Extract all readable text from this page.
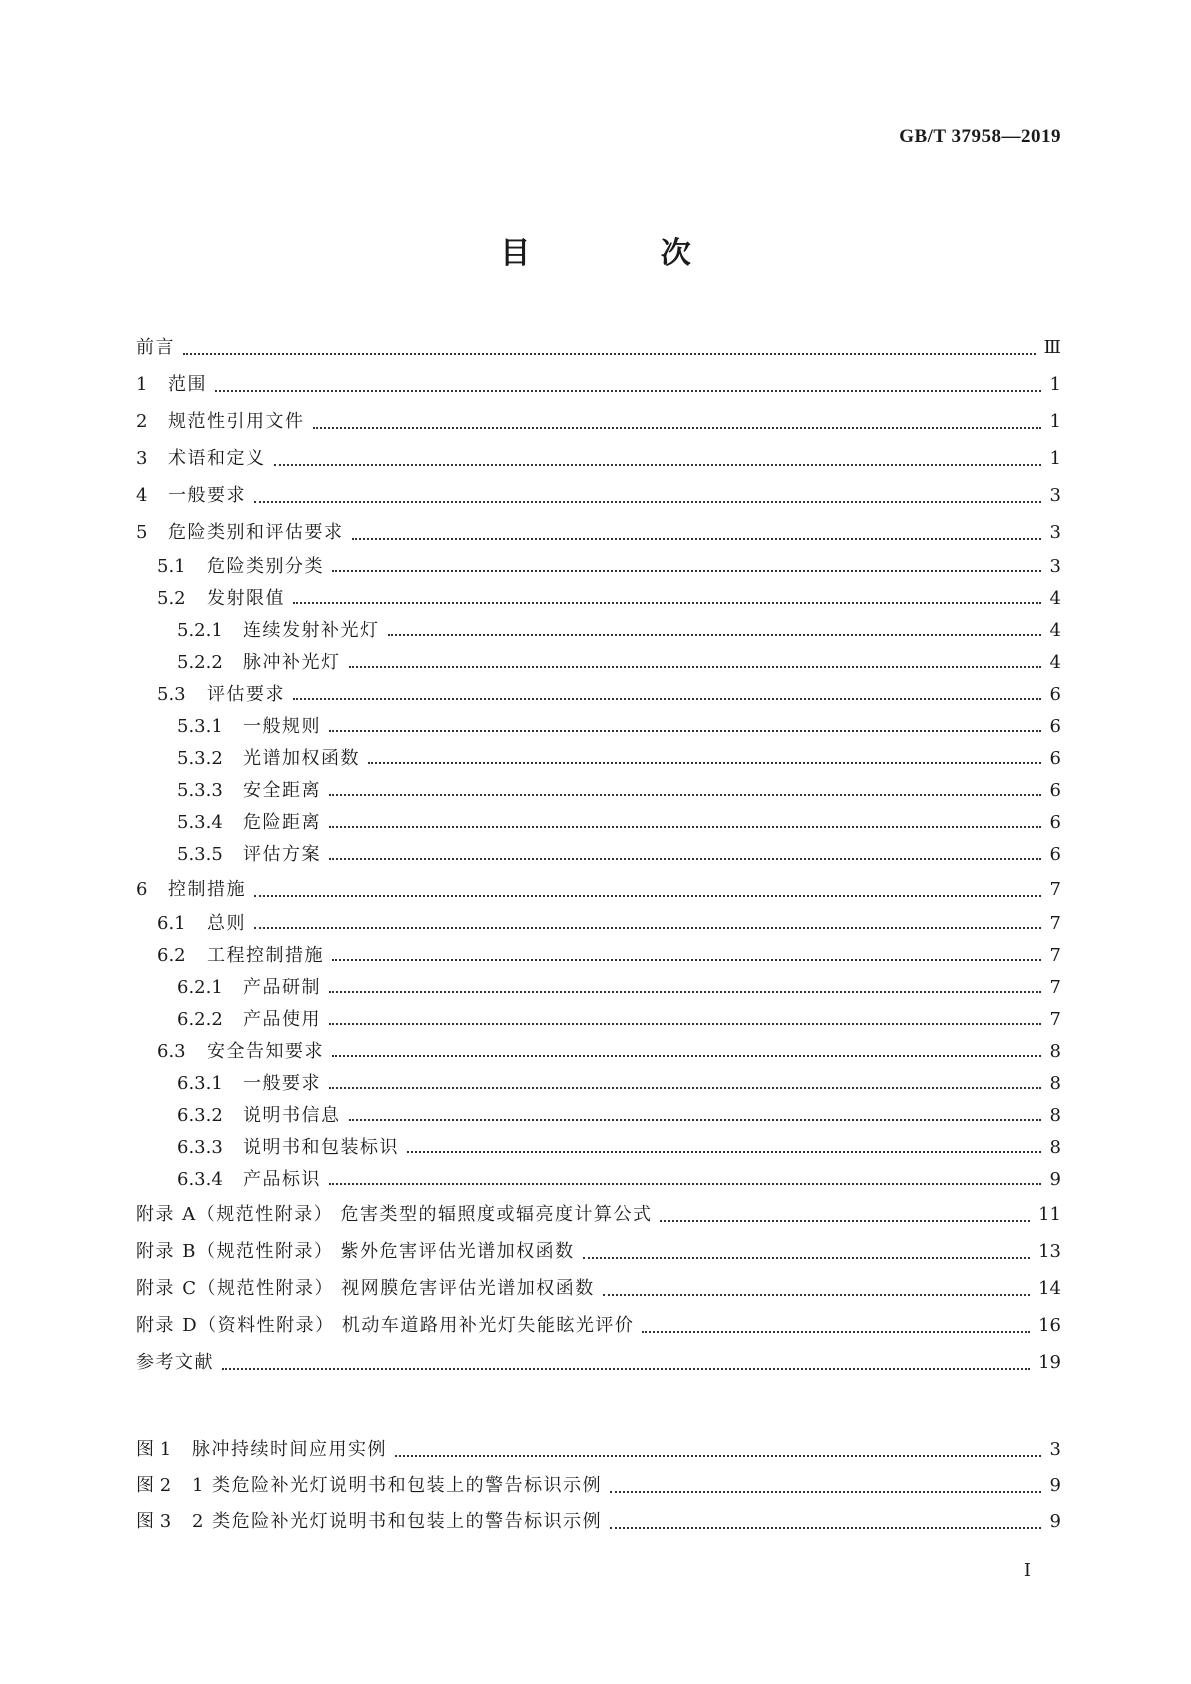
GB/T 37958—2019
目 次
前言	Ⅲ
1	范围	1
2	规范性引用文件	1
3	术语和定义	1
4	一般要求	3
5	危险类别和评估要求	3
5.1	危险类别分类	3
5.2	发射限值	4
5.2.1	连续发射补光灯	4
5.2.2	脉冲补光灯	4
5.3	评估要求	6
5.3.1	一般规则	6
5.3.2	光谱加权函数	6
5.3.3	安全距离	6
5.3.4	危险距离	6
5.3.5	评估方案	6
6	控制措施	7
6.1	总则	7
6.2	工程控制措施	7
6.2.1	产品研制	7
6.2.2	产品使用	7
6.3	安全告知要求	8
6.3.1	一般要求	8
6.3.2	说明书信息	8
6.3.3	说明书和包装标识	8
6.3.4	产品标识	9
附录 A（规范性附录） 危害类型的辐照度或辐亮度计算公式	11
附录 B（规范性附录） 紫外危害评估光谱加权函数	13
附录 C（规范性附录） 视网膜危害评估光谱加权函数	14
附录 D（资料性附录） 机动车道路用补光灯失能眩光评价	16
参考文献	19
图 1	脉冲持续时间应用实例	3
图 2	1 类危险补光灯说明书和包装上的警告标识示例	9
图 3	2 类危险补光灯说明书和包装上的警告标识示例	9
I
